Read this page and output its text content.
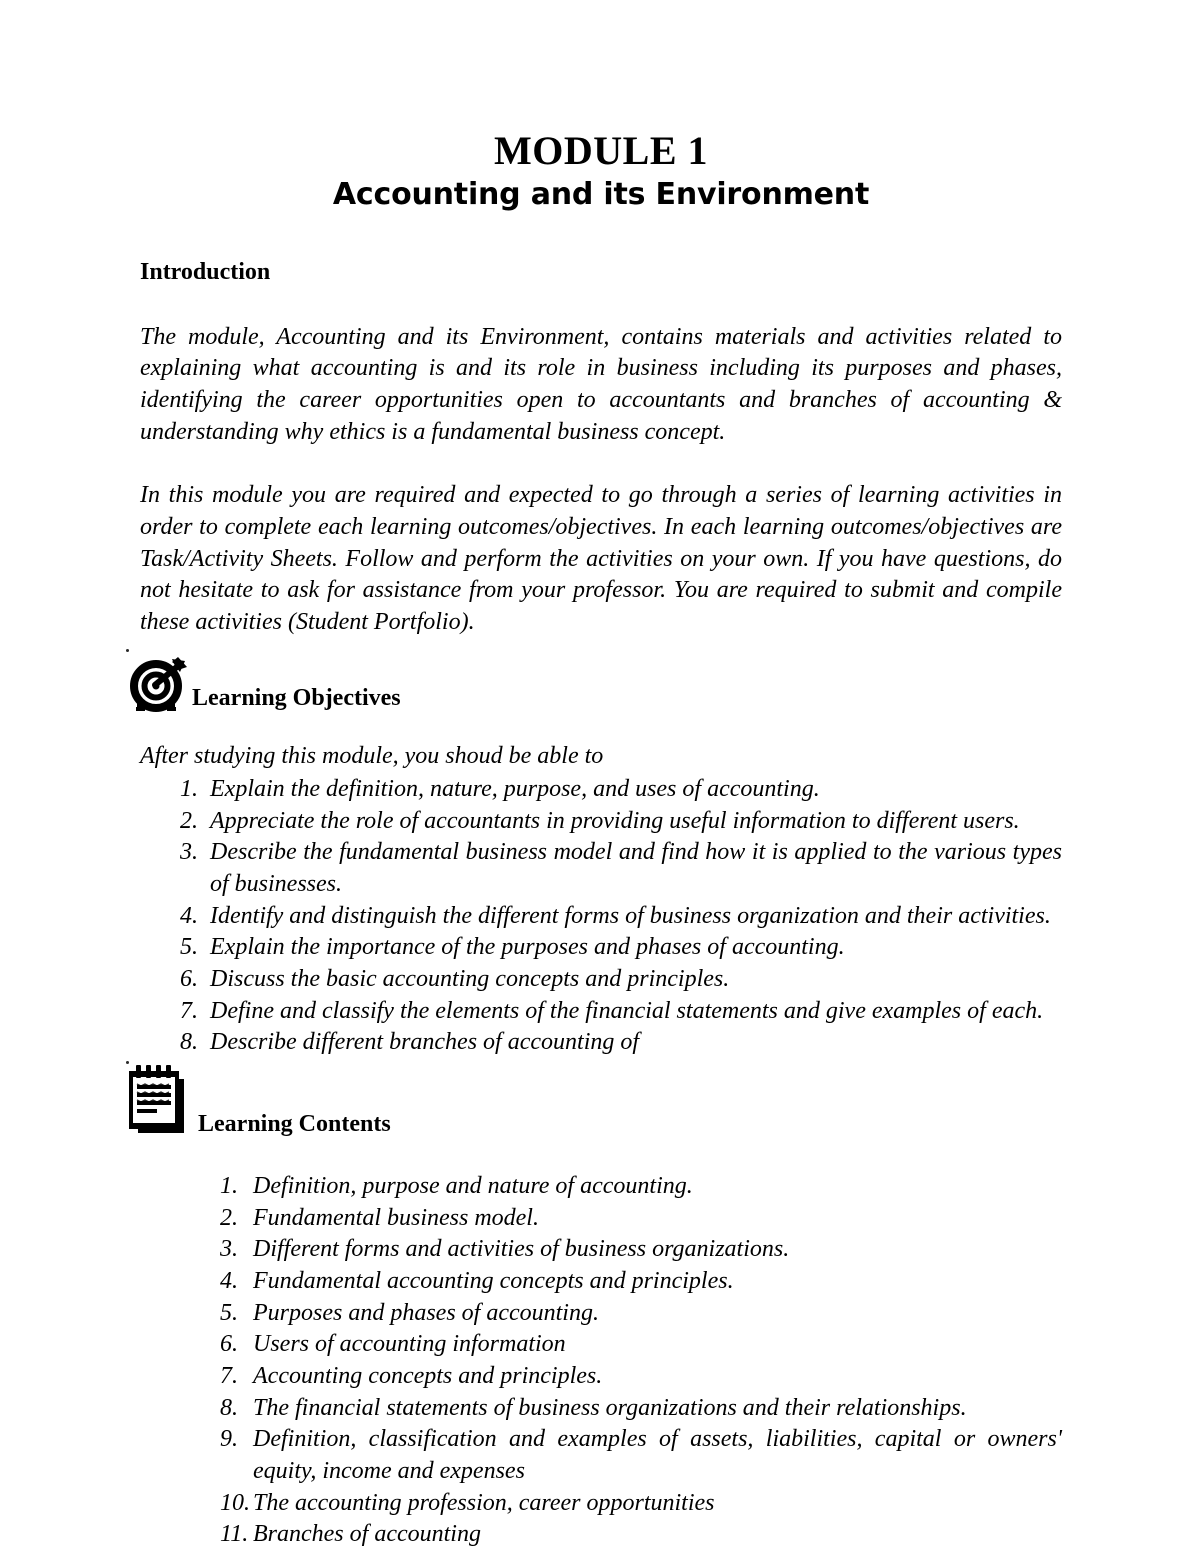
MODULE 1
Accounting and its Environment
Introduction

The module, Accounting and its Environment, contains materials and activities related to explaining what accounting is and its role in business including its purposes and phases, identifying the career opportunities open to accountants and branches of accounting & understanding why ethics is a fundamental business concept.

In this module you are required and expected to go through a series of learning activities in order to complete each learning outcomes/objectives. In each learning outcomes/objectives are Task/Activity Sheets. Follow and perform the activities on your own. If you have questions, do not hesitate to ask for assistance from your professor. You are required to submit and compile these activities (Student Portfolio).

Learning Objectives

After studying this module, you shoud be able to

1. Explain the definition, nature, purpose, and uses of accounting.
2. Appreciate the role of accountants in providing useful information to different users.
3. Describe the fundamental business model and find how it is applied to the various types of businesses.
4. Identify and distinguish the different forms of business organization and their activities.
5. Explain the importance of the purposes and phases of accounting.
6. Discuss the basic accounting concepts and principles.
7. Define and classify the elements of the financial statements and give examples of each.
8. Describe different branches of accounting of
Learning Contents
1. Definition, purpose and nature of accounting.
2. Fundamental business model.
3. Different forms and activities of business organizations.
4. Fundamental accounting concepts and principles.
5. Purposes and phases of accounting.
6. Users of accounting information
7. Accounting concepts and principles.
8. The financial statements of business organizations and their relationships.
9. Definition, classification and examples of assets, liabilities, capital or owners' equity, income and expenses
10. The accounting profession, career opportunities
11. Branches of accounting
